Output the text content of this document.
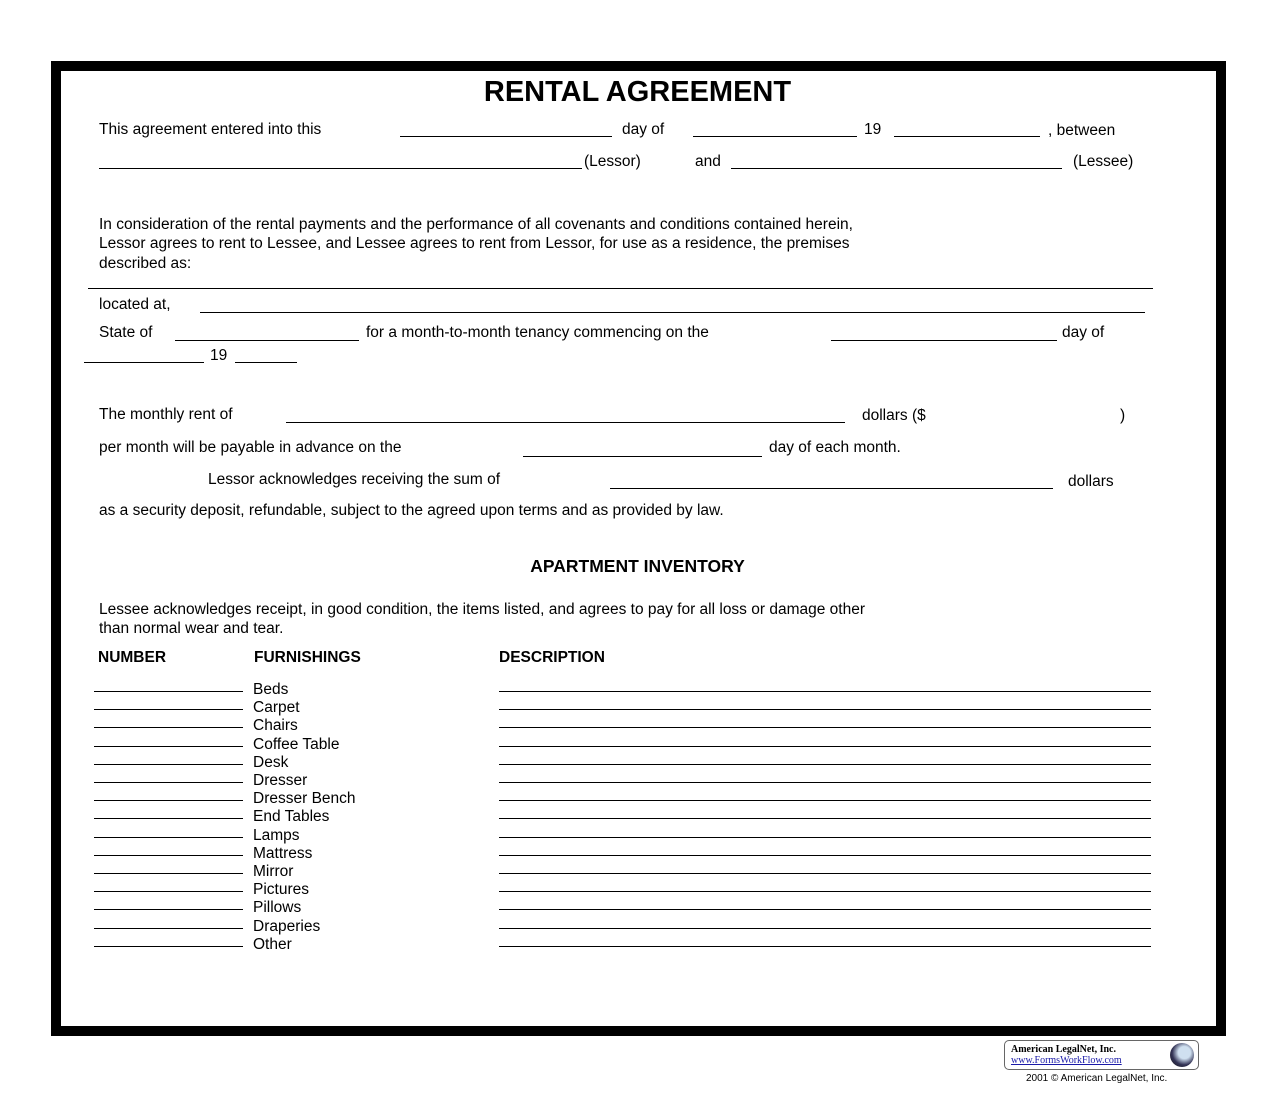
RENTAL AGREEMENT
This agreement entered into this	day of	19	, between
(Lessor)	and	(Lessee)
In consideration of the rental payments and the performance of all covenants and conditions contained herein,
Lessor agrees to rent to Lessee, and Lessee agrees to rent from Lessor, for use as a residence, the premises
described as:
located at,
State of	for a month-to-month tenancy commencing on the	day of
19
The monthly rent of	dollars ($	)
per month will be payable in advance on the	day of each month.
Lessor acknowledges receiving the sum of	dollars
as a security deposit, refundable, subject to the agreed upon terms and as provided by law.
APARTMENT INVENTORY
Lessee acknowledges receipt, in good condition, the items listed, and agrees to pay for all loss or damage other
than normal wear and tear.
NUMBER	FURNISHINGS	DESCRIPTION
Beds
Carpet
Chairs
Coffee Table
Desk
Dresser
Dresser Bench
End Tables
Lamps
Mattress
Mirror
Pictures
Pillows
Draperies
Other
American LegalNet, Inc.
www.FormsWorkFlow.com
2001 © American LegalNet, Inc.
